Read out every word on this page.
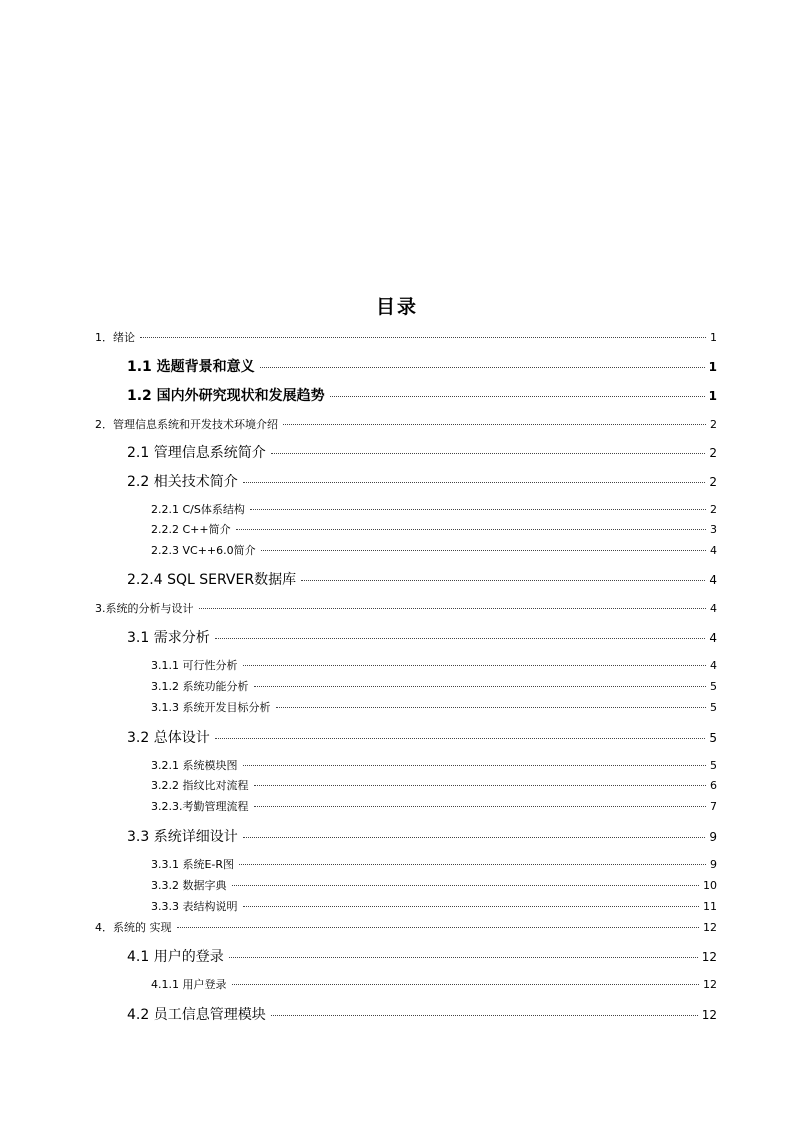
目录
1．绪论	1
1.1 选题背景和意义	1
1.2 国内外研究现状和发展趋势	1
2．管理信息系统和开发技术环境介绍	2
2.1 管理信息系统简介	2
2.2 相关技术简介	2
2.2.1 C/S体系结构	2
2.2.2 C++简介	3
2.2.3 VC++6.0简介	4
2.2.4 SQL SERVER数据库	4
3.系统的分析与设计	4
3.1 需求分析	4
3.1.1 可行性分析	4
3.1.2 系统功能分析	5
3.1.3 系统开发目标分析	5
3.2 总体设计	5
3.2.1 系统模块图	5
3.2.2 指纹比对流程	6
3.2.3.考勤管理流程	7
3.3 系统详细设计	9
3.3.1 系统E-R图	9
3.3.2 数据字典	10
3.3.3 表结构说明	11
4．系统的 实现	12
4.1 用户的登录	12
4.1.1 用户登录	12
4.2 员工信息管理模块	12
